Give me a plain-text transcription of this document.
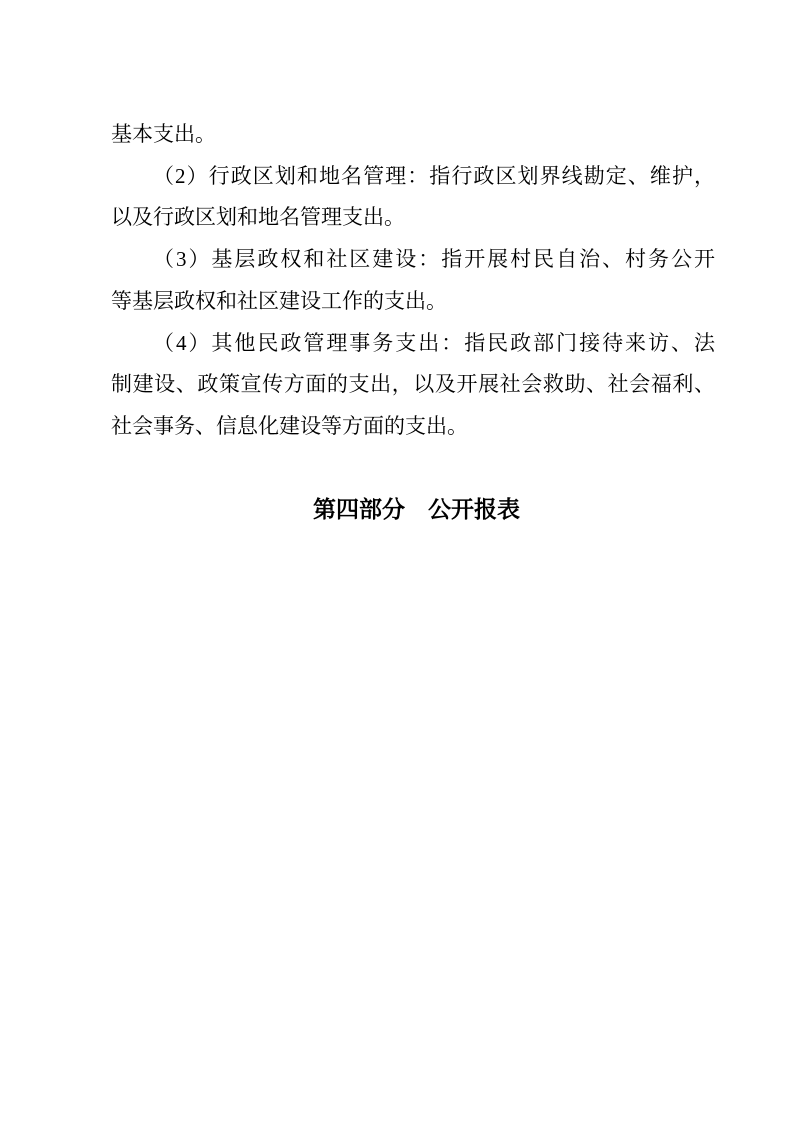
基本支出。

（2）行政区划和地名管理：指行政区划界线勘定、维护，

以及行政区划和地名管理支出。

（3）基层政权和社区建设：指开展村民自治、村务公开

等基层政权和社区建设工作的支出。

（4）其他民政管理事务支出：指民政部门接待来访、法

制建设、政策宣传方面的支出，以及开展社会救助、社会福利、

社会事务、信息化建设等方面的支出。

第四部分　公开报表
